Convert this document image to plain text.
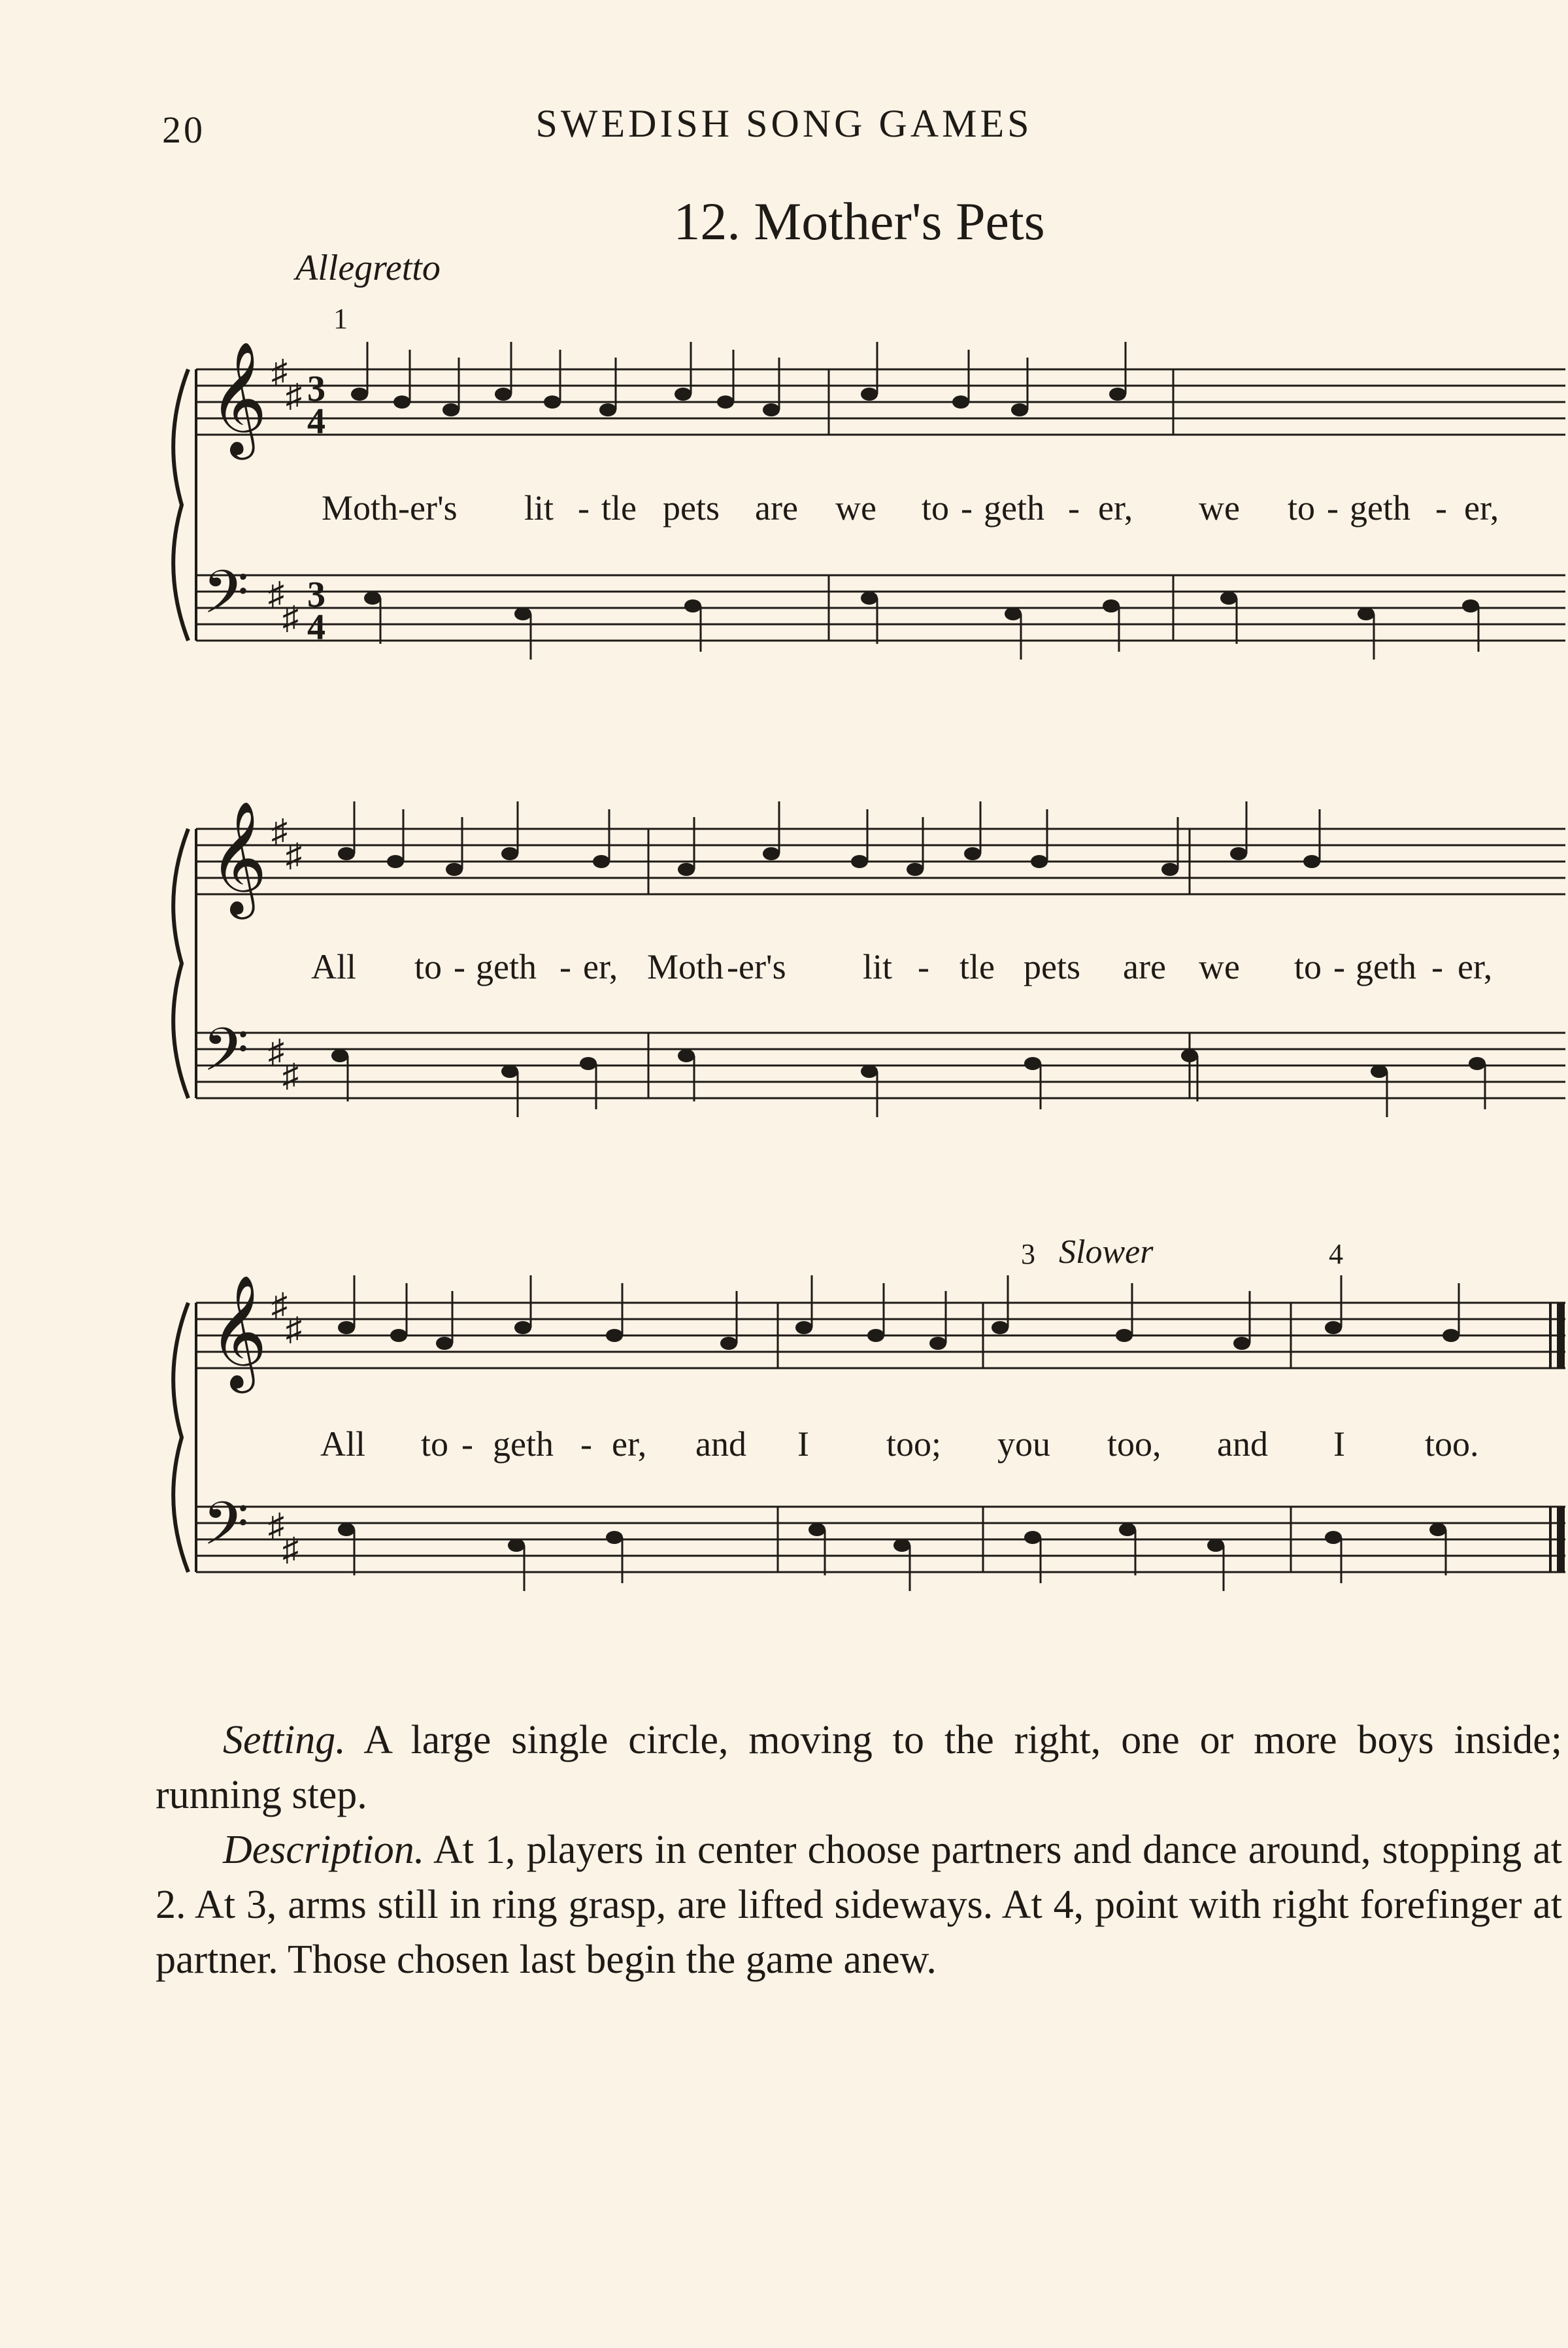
20	SWEDISH SONG GAMES
12. Mother's Pets
Allegretto
1
3 Slower	4
𝄞
𝄢
♯
♯
♯
♯
3
4
3
4
𝄞
𝄢
♯
♯
♯
♯
𝄞
𝄢
♯
♯
♯
♯
Moth-er's lit - tle pets are we to - geth - er, we to - geth - er,
All to - geth - er, Moth -er's lit - tle pets are we to - geth - er,
All to - geth - er, and I too; you too, and I too.

Setting. A large single circle, moving to the right, one or more boys inside; running step.

Description. At 1, players in center choose partners and dance around, stopping at 2. At 3, arms still in ring grasp, are lifted sideways. At 4, point with right forefinger at partner. Those chosen last begin the game anew.
